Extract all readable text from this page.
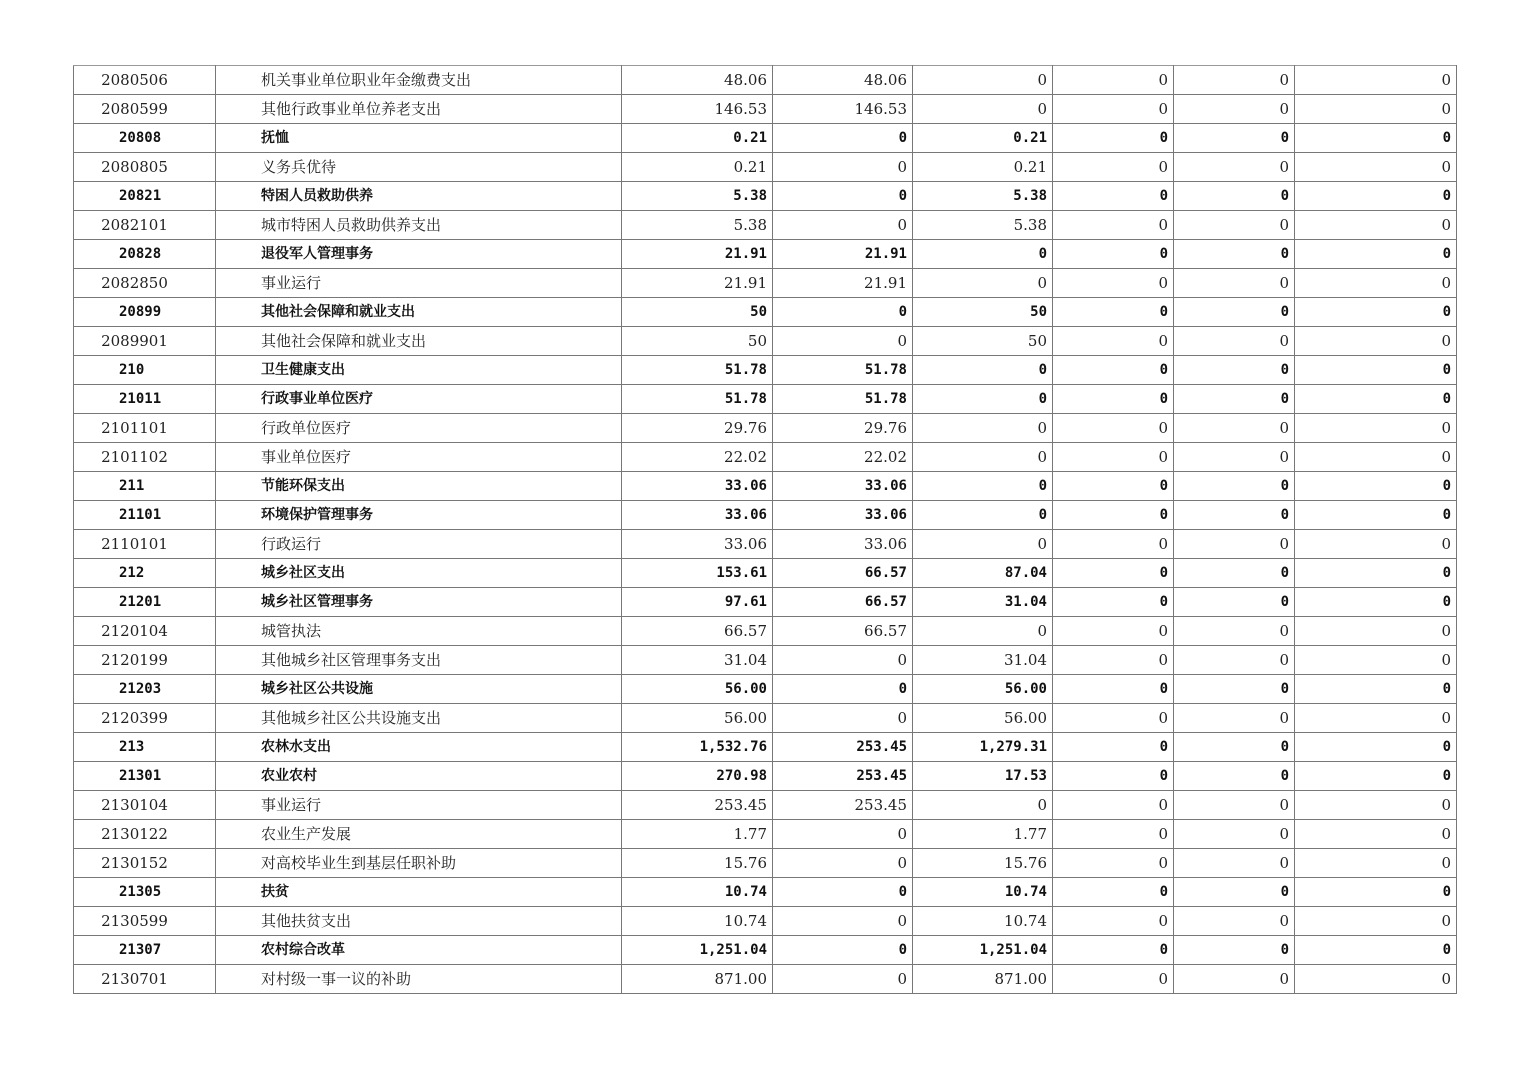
2080506	机关事业单位职业年金缴费支出	48.06	48.06	0	0	0	0
2080599	其他行政事业单位养老支出	146.53	146.53	0	0	0	0
20808	抚恤	0.21	0	0.21	0	0	0
2080805	义务兵优待	0.21	0	0.21	0	0	0
20821	特困人员救助供养	5.38	0	5.38	0	0	0
2082101	城市特困人员救助供养支出	5.38	0	5.38	0	0	0
20828	退役军人管理事务	21.91	21.91	0	0	0	0
2082850	事业运行	21.91	21.91	0	0	0	0
20899	其他社会保障和就业支出	50	0	50	0	0	0
2089901	其他社会保障和就业支出	50	0	50	0	0	0
210	卫生健康支出	51.78	51.78	0	0	0	0
21011	行政事业单位医疗	51.78	51.78	0	0	0	0
2101101	行政单位医疗	29.76	29.76	0	0	0	0
2101102	事业单位医疗	22.02	22.02	0	0	0	0
211	节能环保支出	33.06	33.06	0	0	0	0
21101	环境保护管理事务	33.06	33.06	0	0	0	0
2110101	行政运行	33.06	33.06	0	0	0	0
212	城乡社区支出	153.61	66.57	87.04	0	0	0
21201	城乡社区管理事务	97.61	66.57	31.04	0	0	0
2120104	城管执法	66.57	66.57	0	0	0	0
2120199	其他城乡社区管理事务支出	31.04	0	31.04	0	0	0
21203	城乡社区公共设施	56.00	0	56.00	0	0	0
2120399	其他城乡社区公共设施支出	56.00	0	56.00	0	0	0
213	农林水支出	1,532.76	253.45	1,279.31	0	0	0
21301	农业农村	270.98	253.45	17.53	0	0	0
2130104	事业运行	253.45	253.45	0	0	0	0
2130122	农业生产发展	1.77	0	1.77	0	0	0
2130152	对高校毕业生到基层任职补助	15.76	0	15.76	0	0	0
21305	扶贫	10.74	0	10.74	0	0	0
2130599	其他扶贫支出	10.74	0	10.74	0	0	0
21307	农村综合改革	1,251.04	0	1,251.04	0	0	0
2130701	对村级一事一议的补助	871.00	0	871.00	0	0	0
